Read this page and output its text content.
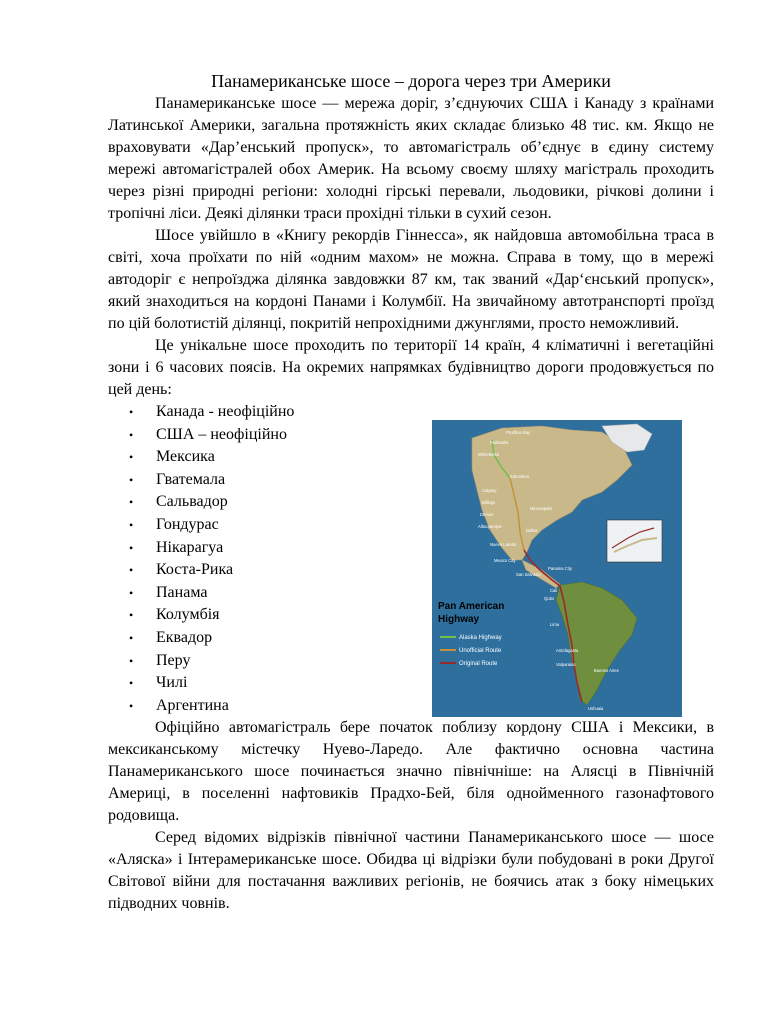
Панамериканське шосе – дорога через три Америки

Панамериканське шосе — мережа доріг, з’єднуючих США і Канаду з країнами Латинської Америки, загальна протяжність яких складає близько 48 тис. км. Якщо не враховувати «Дар’енський пропуск», то автомагістраль об’єднує в єдину систему мережі автомагістралей обох Америк. На всьому своєму шляху магістраль проходить через різні природні регіони: холодні гірські перевали, льодовики, річкові долини і тропічні ліси. Деякі ділянки траси прохідні тільки в сухий сезон.

Шосе увійшло в «Книгу рекордів Гіннесса», як найдовша автомобільна траса в світі, хоча проїхати по ній «одним махом» не можна. Справа в тому, що в мережі автодоріг є непроїзджа ділянка завдовжки 87 км, так званий «Дар‘єнський пропуск», який знаходиться на кордоні Панами і Колумбії. На звичайному автотранспорті проїзд по цій болотистій ділянці, покритій непрохідними джунглями, просто неможливий.

Це унікальне шосе проходить по території 14 країн, 4 кліматичні і вегетаційні зони і 6 часових поясів. На окремих напрямках будівництво дороги продовжується по цей день:

• Канада - неофіційно
• США – неофіційно
• Мексика
• Гватемала
• Сальвадор
• Гондурас
• Нікарагуа
• Коста-Рика
• Панама
• Колумбія
• Еквадор
• Перу
• Чилі
• Аргентина

Офіційно автомагістраль бере початок поблизу кордону США і Мексики, в мексиканському містечку Нуево-Ларедо. Але фактично основна частина Панамериканського шосе починається значно північніше: на Алясці в Північній Америці, в поселенні нафтовиків Прадхо-Бей, біля однойменного газонафтового родовища.

Серед відомих відрізків північної частини Панамериканського шосе — шосе «Аляска» і Інтерамериканське шосе. Обидва ці відрізки були побудовані в роки Другої Світової війни для постачання важливих регіонів, не боячись атак з боку німецьких підводних човнів.

Prudhoe Bay
Fairbanks
Whitehorse
Edmonton
Calgary
Billings
Denver
Minneapolis
Albuquerque
Dallas
Nuevo Laredo
Mexico City
San Salvador
Panama City
Cali
Quito
Lima
Antofagasta
Valparaiso
Buenos Aires
Ushuaia
Pan American
Highway
Alaska Highway
Unofficial Route
Original Route
